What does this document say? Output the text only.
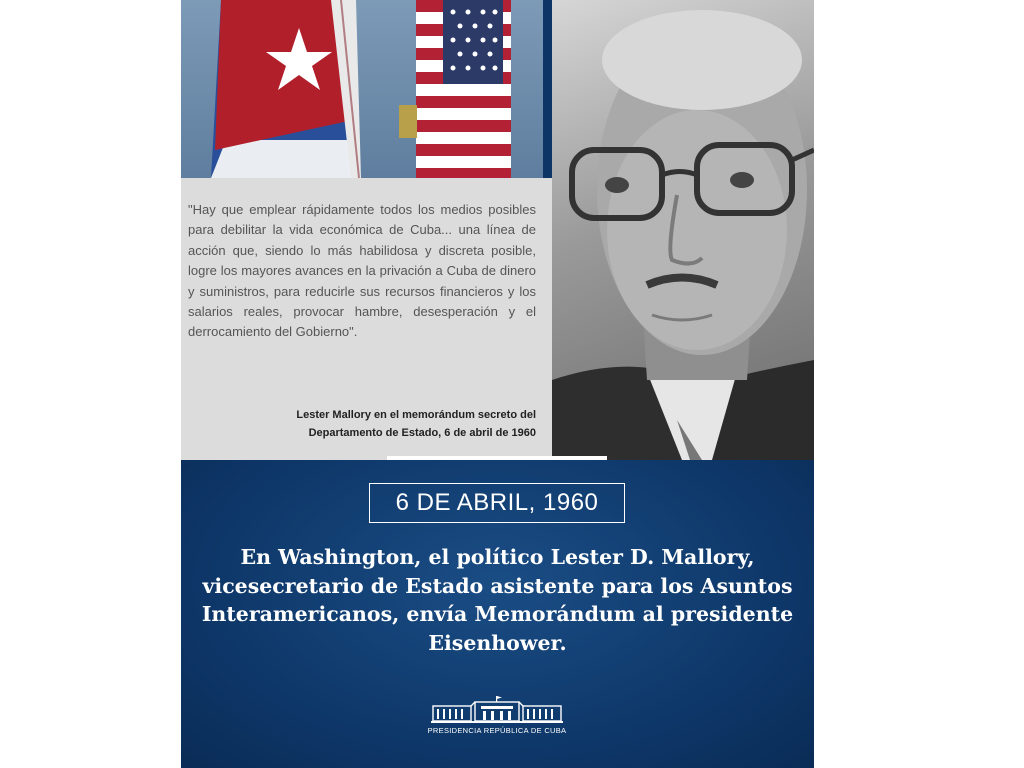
"Hay que emplear rápidamente todos los medios posibles para debilitar la vida económica de Cuba... una línea de acción que, siendo lo más habilidosa y discreta posible, logre los mayores avances en la privación a Cuba de dinero y suministros, para reducirle sus recursos financieros y los salarios reales, provocar hambre, desesperación y el derrocamiento del Gobierno".

Lester Mallory en el memorándum secreto del
Departamento de Estado, 6 de abril de 1960

6 DE ABRIL, 1960

En Washington, el político Lester D. Mallory, vicesecretario de Estado asistente para los Asuntos Interamericanos, envía Memorándum al presidente Eisenhower.

PRESIDENCIA REPÚBLICA DE CUBA
